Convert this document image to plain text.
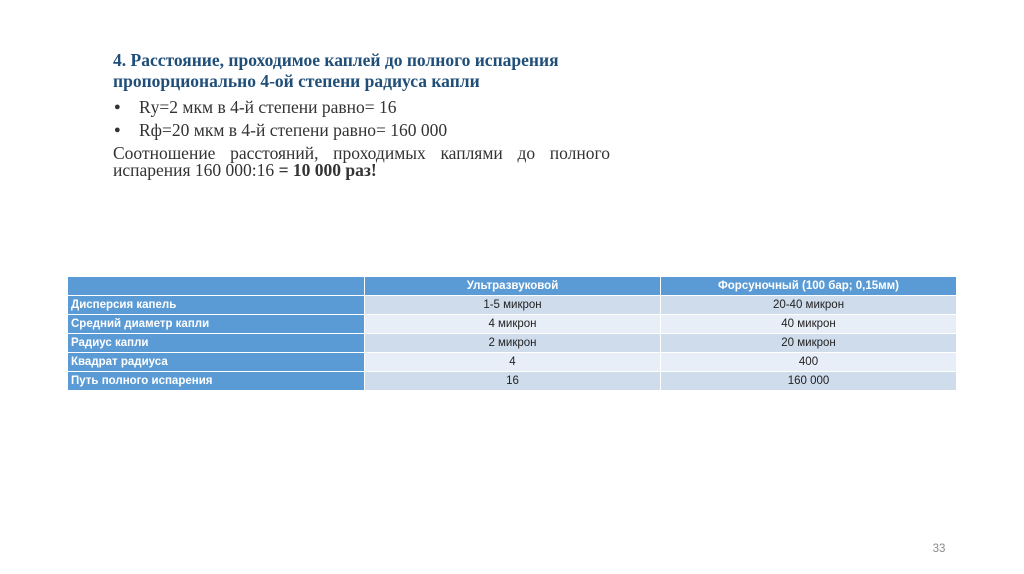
4. Расстояние, проходимое каплей до полного испарения
пропорционально 4-ой степени радиуса капли

● Rу=2 мкм в 4-й степени равно= 16
● Rф=20 мкм в 4-й степени равно= 160 000

Соотношение расстояний, проходимых каплями до полного испарения 160 000:16 = 10 000 раз!

	Ультразвуковой	Форсуночный (100 бар; 0,15мм)
Дисперсия капель	1-5 микрон	20-40 микрон
Средний диаметр капли	4 микрон	40 микрон
Радиус капли	2 микрон	20 микрон
Квадрат радиуса	4	400
Путь полного испарения	16	160 000
33
